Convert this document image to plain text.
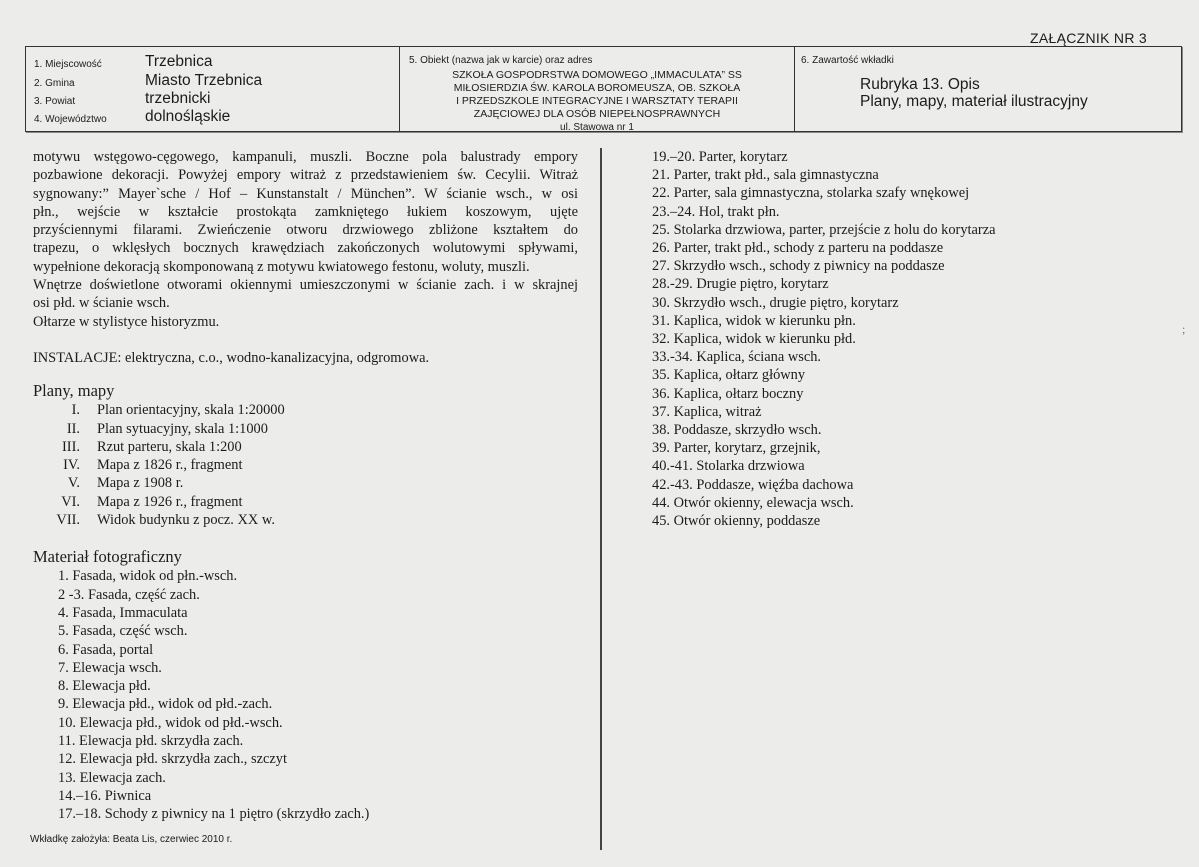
ZAŁĄCZNIK NR 3
1. Miejscowość	Trzebnica
2. Gmina	Miasto Trzebnica
3. Powiat	trzebnicki
4. Województwo dolnośląskie
5. Obiekt (nazwa jak w karcie) oraz adres
SZKOŁA GOSPODRSTWA DOMOWEGO „IMMACULATA” SS
MIŁOSIERDZIA ŚW. KAROLA BOROMEUSZA, OB. SZKOŁA
I PRZEDSZKOLE INTEGRACYJNE I WARSZTATY TERAPII
ZAJĘCIOWEJ DLA OSÓB NIEPEŁNOSPRAWNYCH
ul. Stawowa nr 1
6. Zawartość wkładki
Rubryka 13. Opis
Plany, mapy, materiał ilustracyjny

motywu wstęgowo-cęgowego, kampanuli, muszli. Boczne pola balustrady empory

pozbawione dekoracji. Powyżej empory witraż z przedstawieniem św. Cecylii. Witraż

sygnowany:” Mayer`sche / Hof – Kunstanstalt / München”. W ścianie wsch., w osi

płn., wejście w kształcie prostokąta zamkniętego łukiem koszowym, ujęte

przyściennymi filarami. Zwieńczenie otworu drzwiowego zbliżone kształtem do

trapezu, o wklęsłych bocznych krawędziach zakończonych wolutowymi spływami,

wypełnione dekoracją skomponowaną z motywu kwiatowego festonu, woluty, muszli.

Wnętrze doświetlone otworami okiennymi umieszczonymi w ścianie zach. i w skrajnej

osi płd. w ścianie wsch.

Ołtarze w stylistyce historyzmu.

INSTALACJE: elektryczna, c.o., wodno-kanalizacyjna, odgromowa.

Plany, mapy
I.	Plan orientacyjny, skala 1:20000
II.	Plan sytuacyjny, skala 1:1000
III.	Rzut parteru, skala 1:200
IV.	Mapa z 1826 r., fragment
V.	Mapa z 1908 r.
VI.	Mapa z 1926 r., fragment
VII.	Widok budynku z pocz. XX w.
Materiał fotograficzny
1. Fasada, widok od płn.-wsch.
2 -3. Fasada, część zach.
4. Fasada, Immaculata
5. Fasada, część wsch.
6. Fasada, portal
7. Elewacja wsch.
8. Elewacja płd.
9. Elewacja płd., widok od płd.-zach.
10. Elewacja płd., widok od płd.-wsch.
11. Elewacja płd. skrzydła zach.
12. Elewacja płd. skrzydła zach., szczyt
13. Elewacja zach.
14.–16. Piwnica
17.–18. Schody z piwnicy na 1 piętro (skrzydło zach.)
19.–20. Parter, korytarz
21. Parter, trakt płd., sala gimnastyczna
22. Parter, sala gimnastyczna, stolarka szafy wnękowej
23.–24. Hol, trakt płn.
25. Stolarka drzwiowa, parter, przejście z holu do korytarza
26. Parter, trakt płd., schody z parteru na poddasze
27. Skrzydło wsch., schody z piwnicy na poddasze
28.-29. Drugie piętro, korytarz
30. Skrzydło wsch., drugie piętro, korytarz
31. Kaplica, widok w kierunku płn.
32. Kaplica, widok w kierunku płd.
33.-34. Kaplica, ściana wsch.
35. Kaplica, ołtarz główny
36. Kaplica, ołtarz boczny
37. Kaplica, witraż
38. Poddasze, skrzydło wsch.
39. Parter, korytarz, grzejnik,
40.-41. Stolarka drzwiowa
42.-43. Poddasze, więźba dachowa
44. Otwór okienny, elewacja wsch.
45. Otwór okienny, poddasze
;
Wkładkę założyła: Beata Lis, czerwiec 2010 r.
